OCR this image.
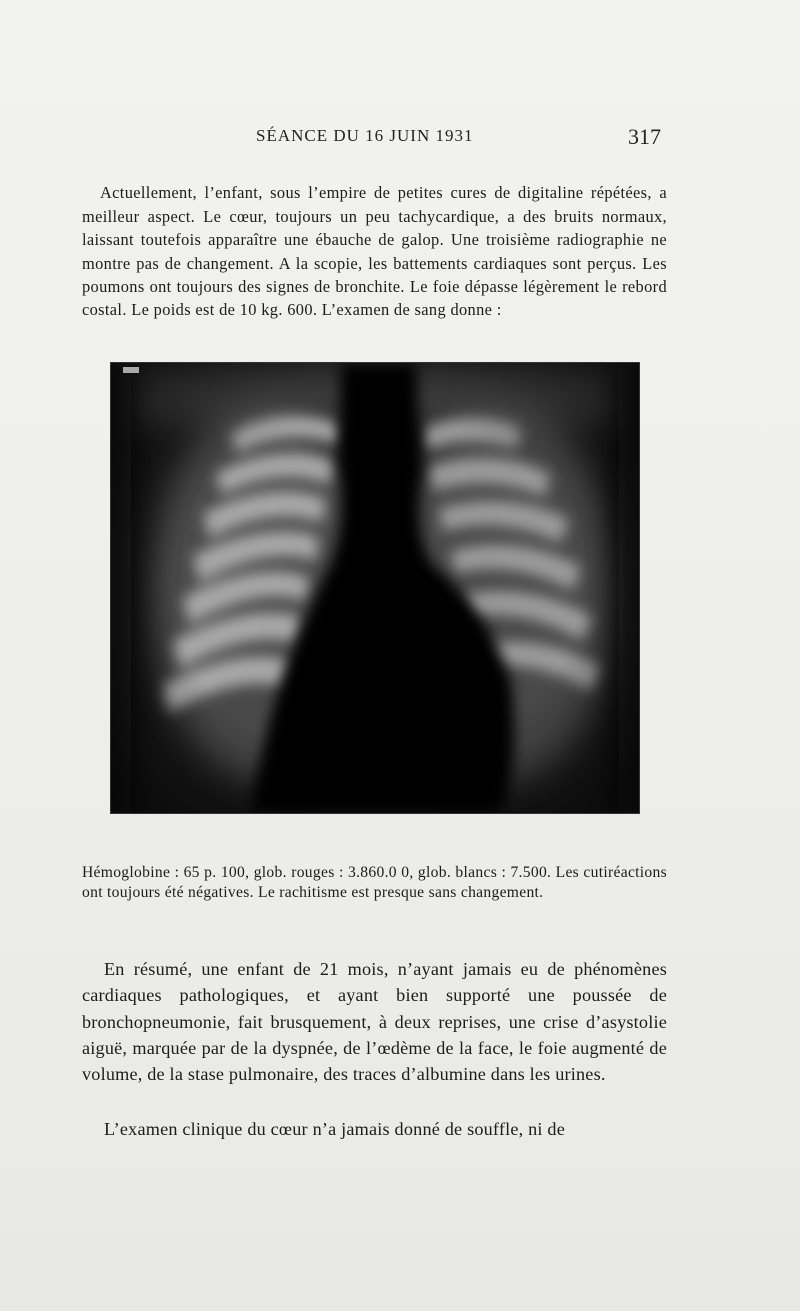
SÉANCE DU 16 JUIN 1931	317

Actuellement, l’enfant, sous l’empire de petites cures de digitaline répétées, a meilleur aspect. Le cœur, toujours un peu tachycardique, a des bruits normaux, laissant toutefois apparaître une ébauche de galop. Une troisième radiographie ne montre pas de changement. A la scopie, les battements cardiaques sont perçus. Les poumons ont toujours des signes de bronchite. Le foie dépasse légèrement le rebord costal. Le poids est de 10 kg. 600. L’examen de sang donne :

Hémoglobine : 65 p. 100, glob. rouges : 3.860.0 0, glob. blancs : 7.500. Les cutiréactions ont toujours été négatives. Le rachitisme est presque sans changement.

En résumé, une enfant de 21 mois, n’ayant jamais eu de phénomènes cardiaques pathologiques, et ayant bien supporté une poussée de bronchopneumonie, fait brusquement, à deux reprises, une crise d’asystolie aiguë, marquée par de la dyspnée, de l’œdème de la face, le foie augmenté de volume, de la stase pulmonaire, des traces d’albumine dans les urines.

L’examen clinique du cœur n’a jamais donné de souffle, ni de
